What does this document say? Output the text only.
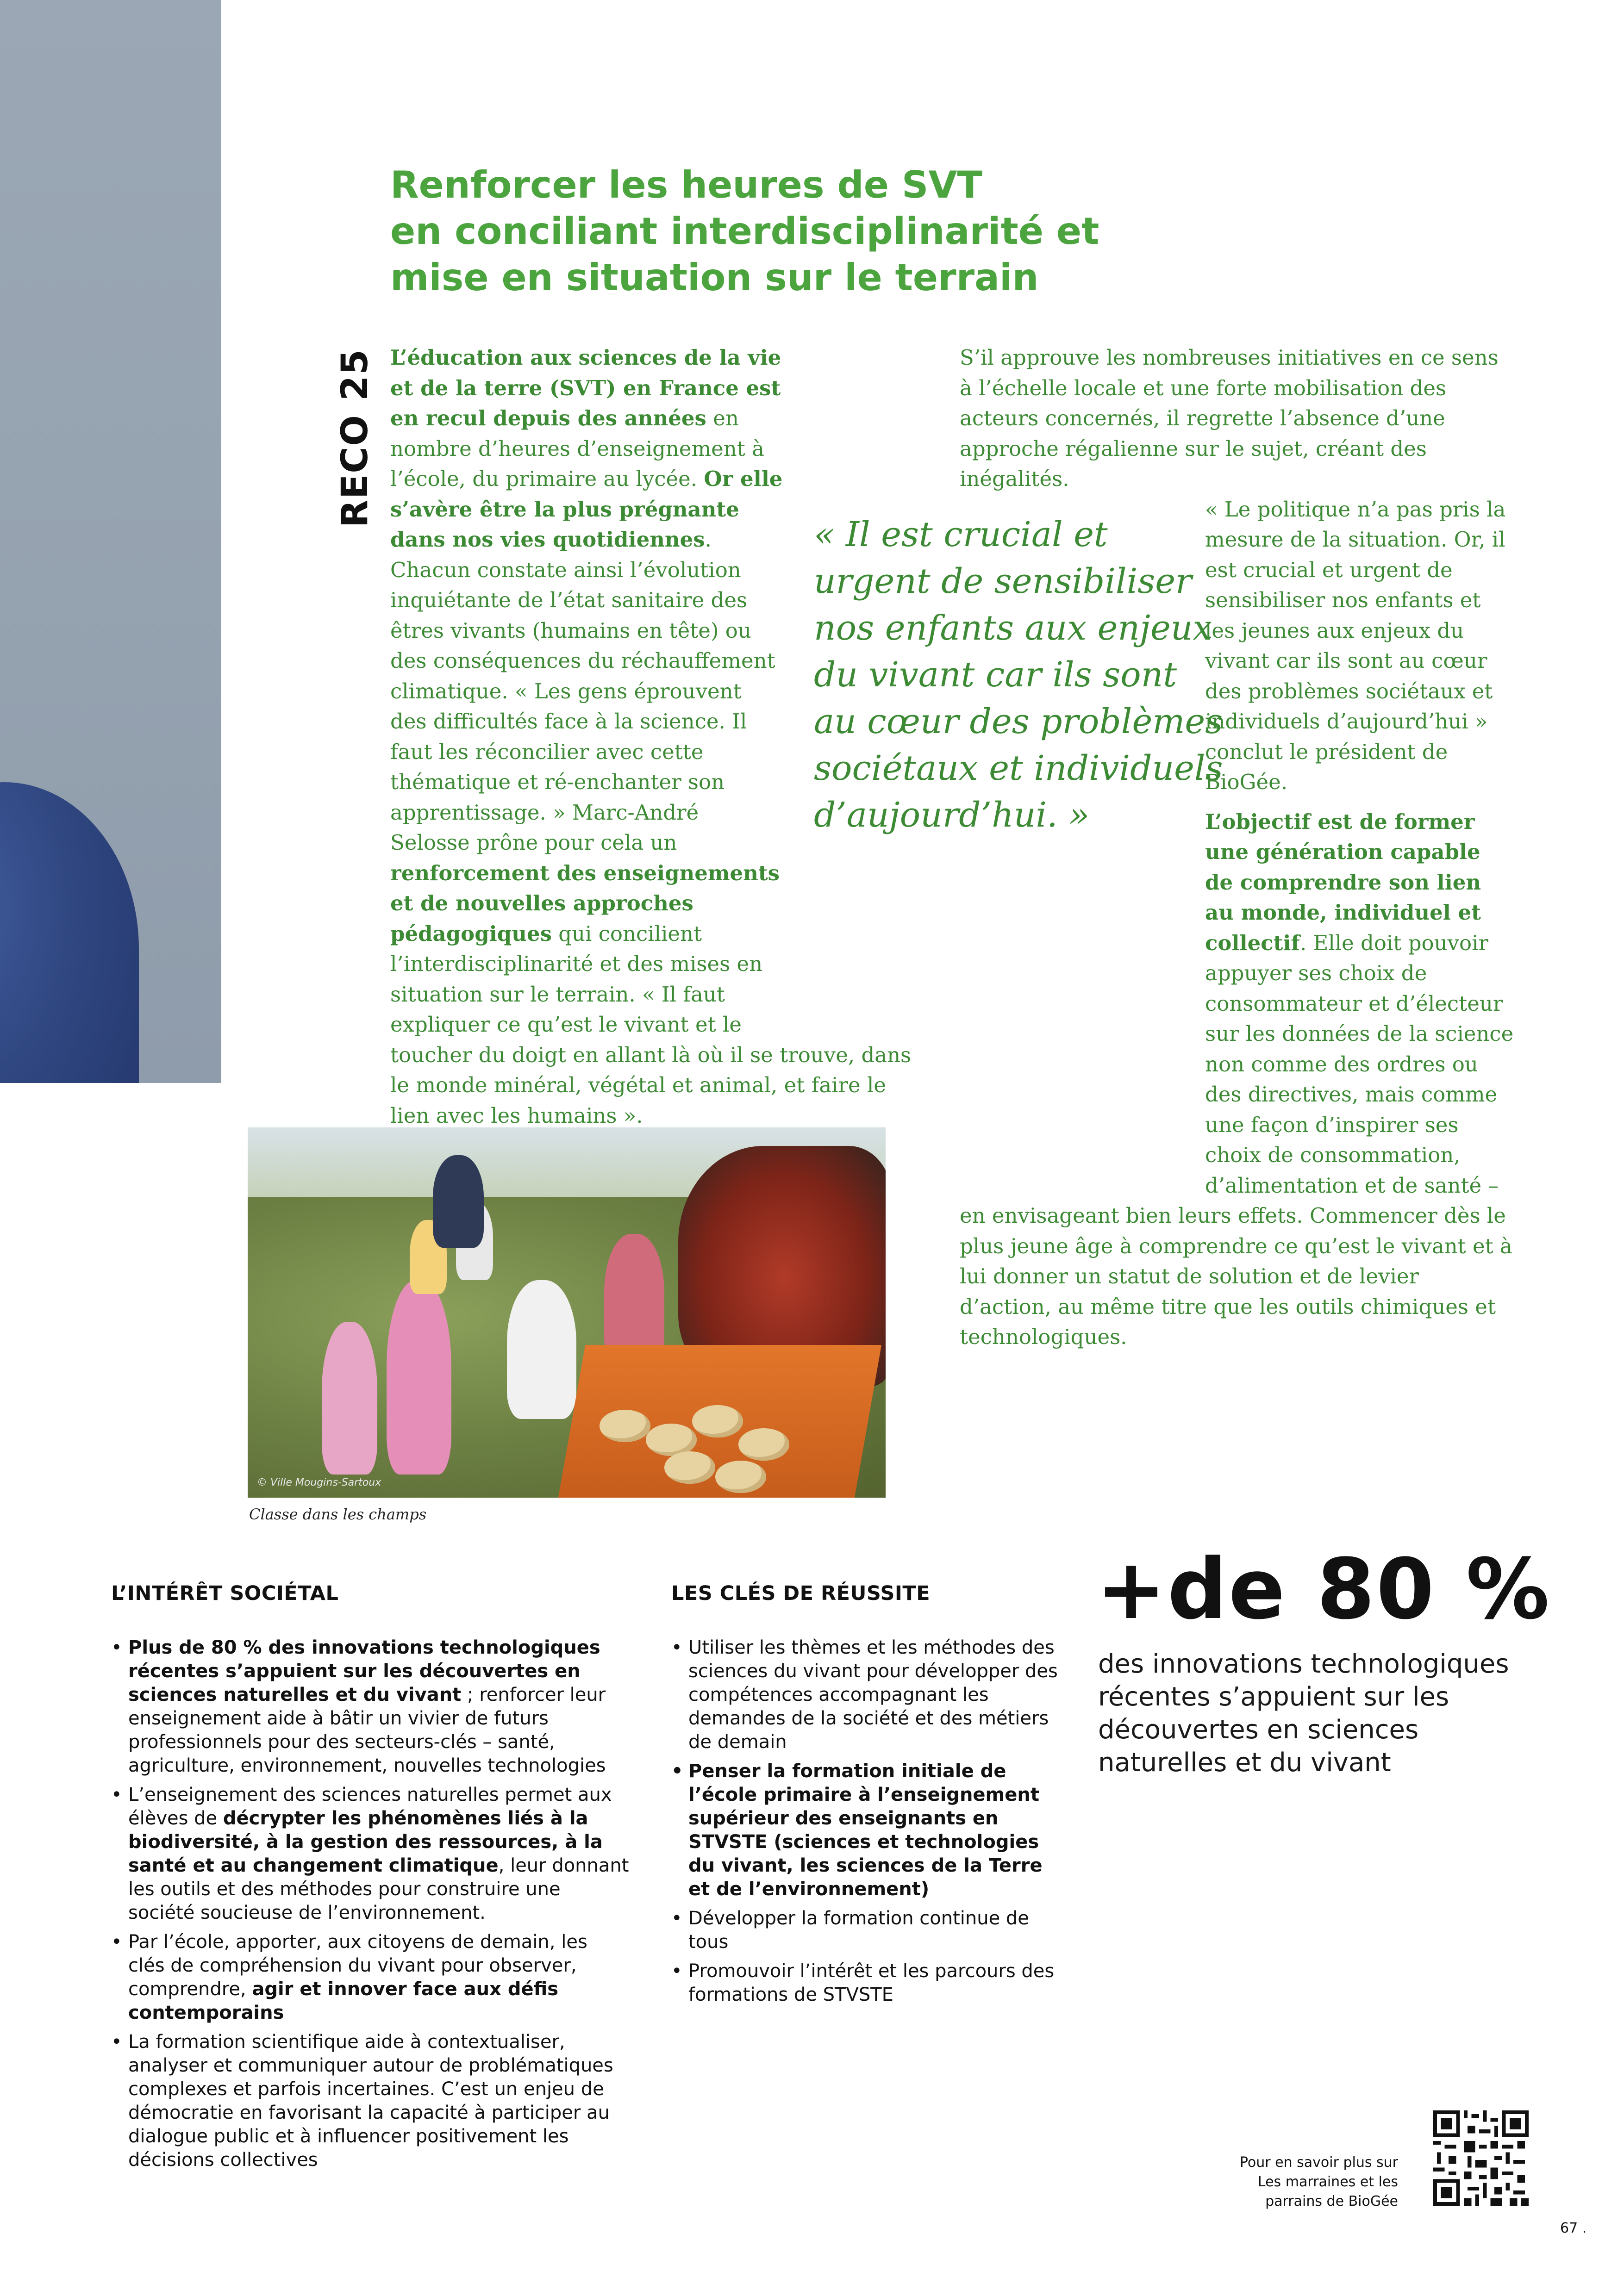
Renforcer les heures de SVT
en conciliant interdisciplinarité et
mise en situation sur le terrain
RECO 25 L’éducation aux sciences de la vie et de la terre (SVT) en France est en recul depuis des années en nombre d’heures d’enseignement à l’école, du primaire au lycée. Or elle s’avère être la plus prégnante dans nos vies quotidiennes. Chacun constate ainsi l’évolution inquiétante de l’état sanitaire des êtres vivants (humains en tête) ou des conséquences du réchauffement climatique. « Les gens éprouvent des difficultés face à la science. Il faut les réconcilier avec cette thématique et ré-enchanter son apprentissage. » Marc-André Selosse prône pour cela un renforcement des enseignements et de nouvelles approches pédagogiques qui concilient l’interdisciplinarité et des mises en situation sur le terrain. « Il faut expliquer ce qu’est le vivant et le toucher du doigt en allant là où il se trouve, dans le monde minéral, végétal et animal, et faire le lien avec les humains ».

S’il approuve les nombreuses initiatives en ce sens à l’échelle locale et une forte mobilisation des acteurs concernés, il regrette l’absence d’une approche régalienne sur le sujet, créant des inégalités.

« Le politique n’a pas pris la mesure de la situation. Or, il est crucial et urgent de sensibiliser nos enfants et les jeunes aux enjeux du vivant car ils sont au cœur des problèmes sociétaux et individuels d’aujourd’hui » conclut le président de BioGée.

L’objectif est de former une génération capable de comprendre son lien au monde, individuel et collectif. Elle doit pouvoir appuyer ses choix de consommateur et d’électeur sur les données de la science non comme des ordres ou des directives, mais comme une façon d’inspirer ses choix de consommation, d’alimentation et de santé – en envisageant bien leurs effets. Commencer dès le plus jeune âge à comprendre ce qu’est le vivant et à lui donner un statut de solution et de levier d’action, au même titre que les outils chimiques et technologiques.

« Il est crucial et
urgent de sensibiliser
nos enfants aux enjeux
du vivant car ils sont
au cœur des problèmes
sociétaux et individuels
d’aujourd’hui. »
© Ville Mougins-Sartoux
Classe dans les champs
L’INTÉRÊT SOCIÉTAL
• Plus de 80 % des innovations technologiques récentes s’appuient sur les découvertes en sciences naturelles et du vivant ; renforcer leur enseignement aide à bâtir un vivier de futurs professionnels pour des secteurs-clés – santé, agriculture, environnement, nouvelles technologies
• L’enseignement des sciences naturelles permet aux élèves de décrypter les phénomènes liés à la biodiversité, à la gestion des ressources, à la santé et au changement climatique, leur donnant les outils et des méthodes pour construire une société soucieuse de l’environnement.
• Par l’école, apporter, aux citoyens de demain, les clés de compréhension du vivant pour observer, comprendre, agir et innover face aux défis contemporains
• La formation scientifique aide à contextualiser, analyser et communiquer autour de problématiques complexes et parfois incertaines. C’est un enjeu de démocratie en favorisant la capacité à participer au dialogue public et à influencer positivement les décisions collectives
LES CLÉS DE RÉUSSITE
• Utiliser les thèmes et les méthodes des sciences du vivant pour développer des compétences accompagnant les demandes de la société et des métiers de demain
• Penser la formation initiale de l’école primaire à l’enseignement supérieur des enseignants en STVSTE (sciences et technologies du vivant, les sciences de la Terre et de l’environnement)
• Développer la formation continue de tous
• Promouvoir l’intérêt et les parcours des formations de STVSTE
+de 80 %
des innovations technologiques récentes s’appuient sur les découvertes en sciences naturelles et du vivant
Pour en savoir plus sur
Les marraines et les
parrains de BioGée
67 .
